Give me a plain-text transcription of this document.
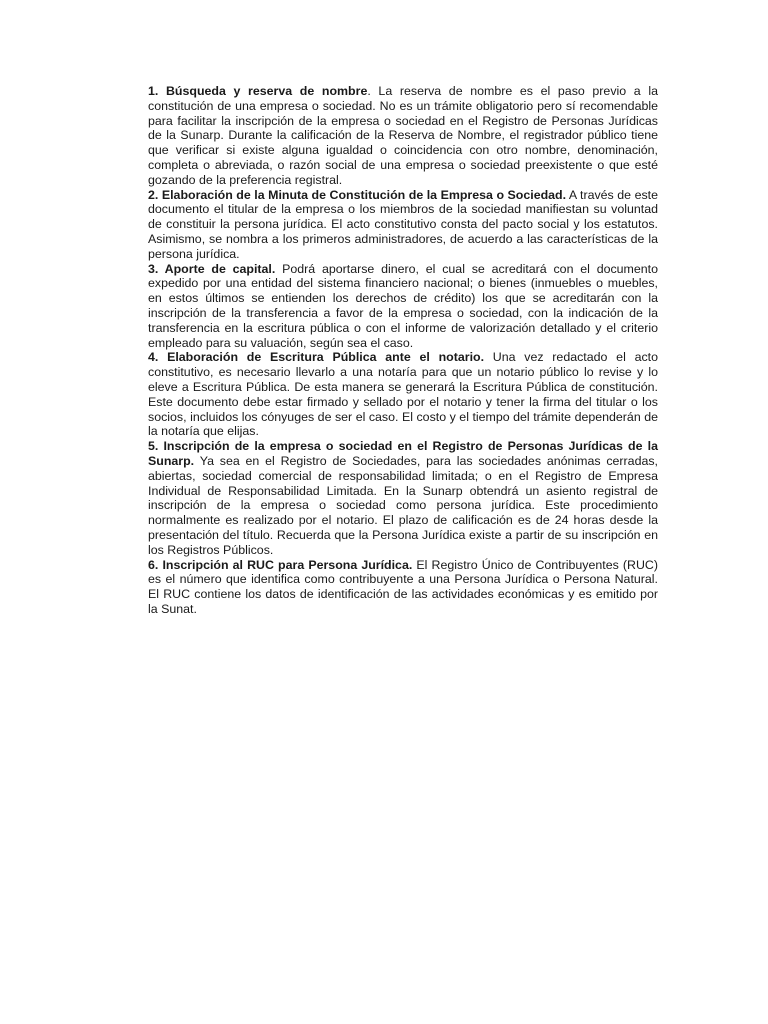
1. Búsqueda y reserva de nombre. La reserva de nombre es el paso previo a la constitución de una empresa o sociedad. No es un trámite obligatorio pero sí recomendable para facilitar la inscripción de la empresa o sociedad en el Registro de Personas Jurídicas de la Sunarp. Durante la calificación de la Reserva de Nombre, el registrador público tiene que verificar si existe alguna igualdad o coincidencia con otro nombre, denominación, completa o abreviada, o razón social de una empresa o sociedad preexistente o que esté gozando de la preferencia registral.

2. Elaboración de la Minuta de Constitución de la Empresa o Sociedad. A través de este documento el titular de la empresa o los miembros de la sociedad manifiestan su voluntad de constituir la persona jurídica. El acto constitutivo consta del pacto social y los estatutos. Asimismo, se nombra a los primeros administradores, de acuerdo a las características de la persona jurídica.

3. Aporte de capital. Podrá aportarse dinero, el cual se acreditará con el documento expedido por una entidad del sistema financiero nacional; o bienes (inmuebles o muebles, en estos últimos se entienden los derechos de crédito) los que se acreditarán con la inscripción de la transferencia a favor de la empresa o sociedad, con la indicación de la transferencia en la escritura pública o con el informe de valorización detallado y el criterio empleado para su valuación, según sea el caso.

4. Elaboración de Escritura Pública ante el notario. Una vez redactado el acto constitutivo, es necesario llevarlo a una notaría para que un notario público lo revise y lo eleve a Escritura Pública. De esta manera se generará la Escritura Pública de constitución. Este documento debe estar firmado y sellado por el notario y tener la firma del titular o los socios, incluidos los cónyuges de ser el caso. El costo y el tiempo del trámite dependerán de la notaría que elijas.

5. Inscripción de la empresa o sociedad en el Registro de Personas Jurídicas de la Sunarp. Ya sea en el Registro de Sociedades, para las sociedades anónimas cerradas, abiertas, sociedad comercial de responsabilidad limitada; o en el Registro de Empresa Individual de Responsabilidad Limitada. En la Sunarp obtendrá un asiento registral de inscripción de la empresa o sociedad como persona jurídica. Este procedimiento normalmente es realizado por el notario. El plazo de calificación es de 24 horas desde la presentación del título. Recuerda que la Persona Jurídica existe a partir de su inscripción en los Registros Públicos.

6. Inscripción al RUC para Persona Jurídica. El Registro Único de Contribuyentes (RUC) es el número que identifica como contribuyente a una Persona Jurídica o Persona Natural. El RUC contiene los datos de identificación de las actividades económicas y es emitido por la Sunat.
